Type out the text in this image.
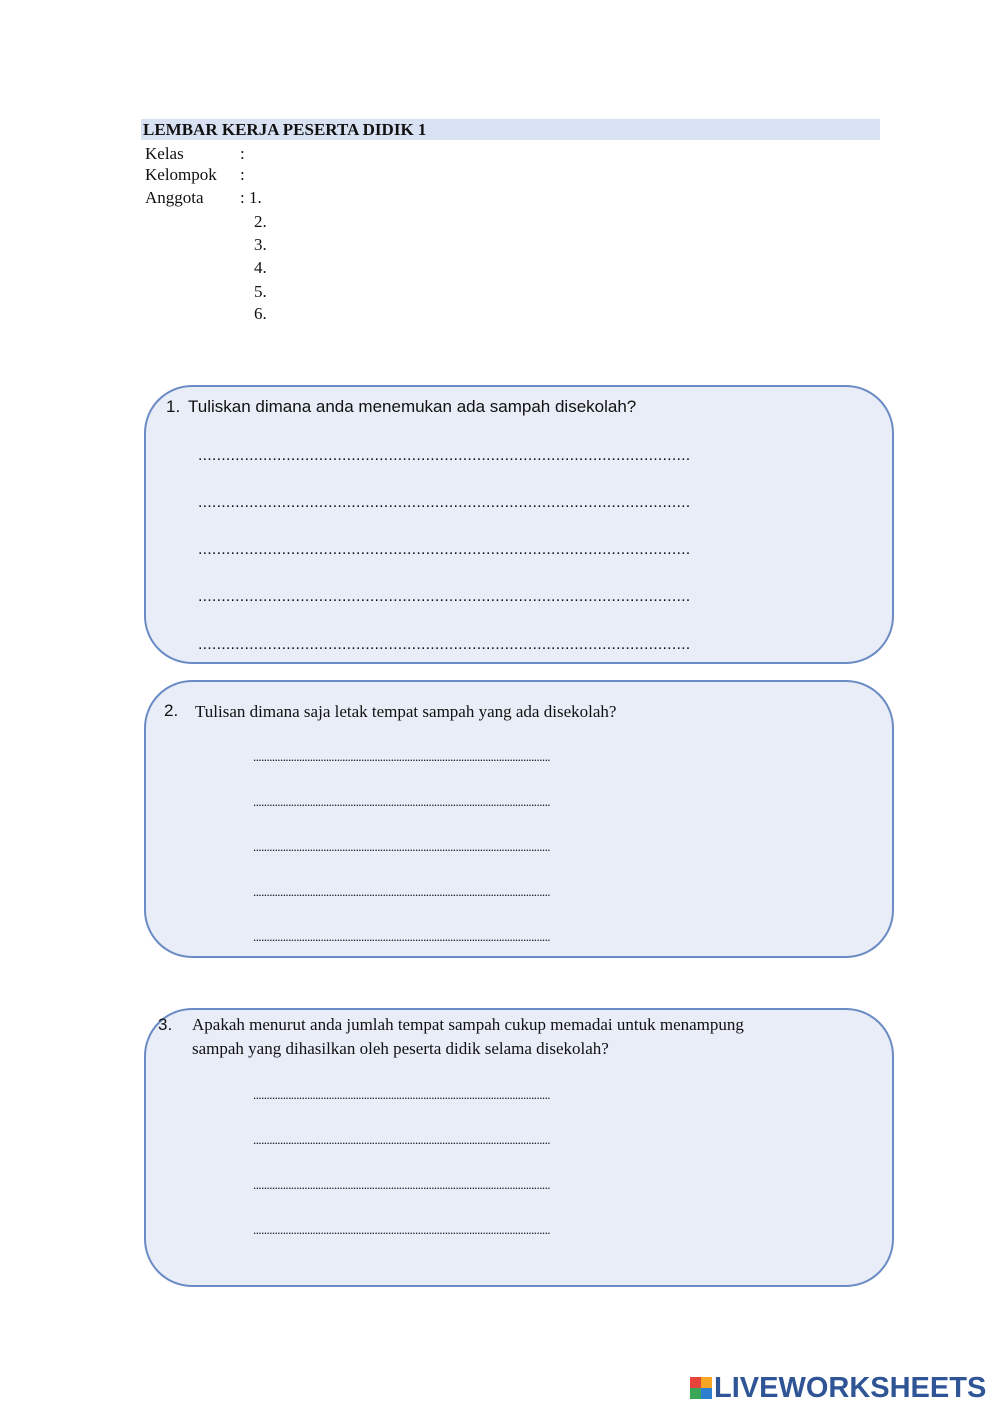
LEMBAR KERJA PESERTA DIDIK 1
Kelas	:
Kelompok :
Anggota : 1.
2.
3.
4.
5.
6.
1. Tuliskan dimana anda menemukan ada sampah disekolah?
..........................................................................................................
..........................................................................................................
..........................................................................................................
..........................................................................................................
..........................................................................................................
2. Tulisan dimana saja letak tempat sampah yang ada disekolah?
..............................................................................................................
..............................................................................................................
..............................................................................................................
..............................................................................................................
..............................................................................................................
3. Apakah menurut anda jumlah tempat sampah cukup memadai untuk menampung
sampah yang dihasilkan oleh peserta didik selama disekolah?
..............................................................................................................
..............................................................................................................
..............................................................................................................
..............................................................................................................
LIVEWORKSHEETS
